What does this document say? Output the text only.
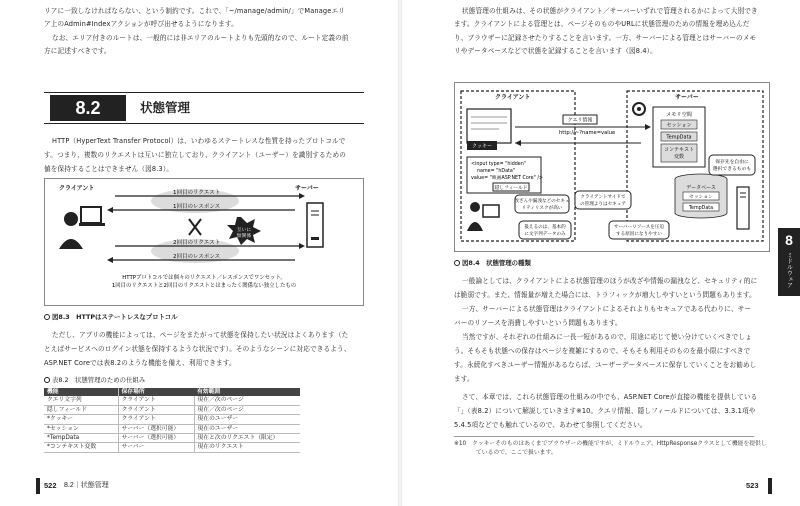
リアに一致しなければならない、という制約です。これで、「~/manage/admin/」でManageエリ
ア上のAdmin#Indexアクションが呼び出せるようになります。
なお、エリア付きのルートは、一般的には非エリアのルートよりも先頭的なので、ルート定義の前
方に記述すべきです。
8.2	状態管理
HTTP（HyperText Transfer Protocol）は、いわゆるステートレスな性質を持ったプロトコルで
す。つまり、複数のリクエストは互いに独立しており、クライアント（ユーザー）を識別するための
値を保持することはできません（図8.3）。
クライアント	サーバー
1回目のリクエスト
1回目のレスポンス
2回目のリクエスト
2回目のレスポンス
互いに
無関係
HTTPプロトコルでは個々のリクエスト／レスポンスでワンセット。
1回目のリクエストと2回目のリクエストとはまったく関係ない独立したもの
図8.3　HTTPはステートレスなプロトコル
ただし、アプリの機能によっては、ページをまたがって状態を保持したい状況はよくあります（た
とえばサービスへのログイン状態を保持するような状況です）。そのようなシーンに対応できるよう、
ASP.NET Coreでは表8.2のような機能を備え、利用できます。
表8.2　状態管理のための仕組み
機能	保存場所	有効範囲
クエリ文字列	クライアント	現在／次のページ
隠しフィールド	クライアント	現在／次のページ
*クッキー	クライアント	現在のユーザー
*セッション	サーバー（選択可能）	現在のユーザー
*TempData	サーバー（選択可能）	現在と次のリクエスト（限定）
*コンテキスト変数	サーバー	現在のリクエスト
522 8.2｜状態管理
状態管理の仕組みは、その状態がクライアント／サーバーいずれで管理されるかによって大別でき
ます。クライアントによる管理とは、ページそのものやURLに状態管理のための情報を埋め込んだ
り、ブラウザーに記録させたりすることを言います。一方、サーバーによる管理とはサーバーのメモ
リやデータベースなどで状態を記録することを言います（図8.4）。
クライアント	サーバー
クッキー
クエリ情報
http://~?name=value
メモリ空間
セッション
TempData
コンテキスト
変数
<input type= "hidden"
name= "hData"
value= "映画ASP.NET Core" />
隠しフィールド	データベース
セッション
TempData
保存先を自由に
選択できるものも
改ざんや漏洩などのセキュ
リティリスクが高い
クライアントサイドで
の管理よりはセキュア
扱えるのは、基本的
に文字列データのみ
サーバーリソースを圧迫
する原因になりやすい
図8.4　状態管理の種類
一般論としては、クライアントによる状態管理のほうが改ざや情報の漏洩など、セキュリティ的に
は脆弱です。また、情報量が増えた場合には、トラフィックが増大しやすいという問題もあります。
一方、サーバーによる状態管理はクライアントによるそれよりもセキュアである代わりに、サー
バーのリソースを消費しやすいという問題もあります。
当然ですが、それぞれの仕組みに一長一短があるので、用途に応じて使い分けていくべきでしょ
う。そもそも状態への保存はページを複雑にするので、そもそも利用そのものを最小限にすべきで
す。永続化すべきユーザー情報があるならば、ユーザーデータベースに保存していくことをお勧めし
ます。
さて、本章では、これら状態管理の仕組みの中でも、ASP.NET Coreが直接の機能を提供している
「」（表8.2）について解説していきます※10。クエリ情報、隠しフィールドについては、3.3.1項や
5.4.5項などでも触れているので、あわせて参照してください。
※10　クッキーそのものはあくまでブラウザーの機能ですが、ミドルウェア、HttpResponseクラスとして機能を提供し
ているので、ここで扱います。
8
ミドルウェア
523
